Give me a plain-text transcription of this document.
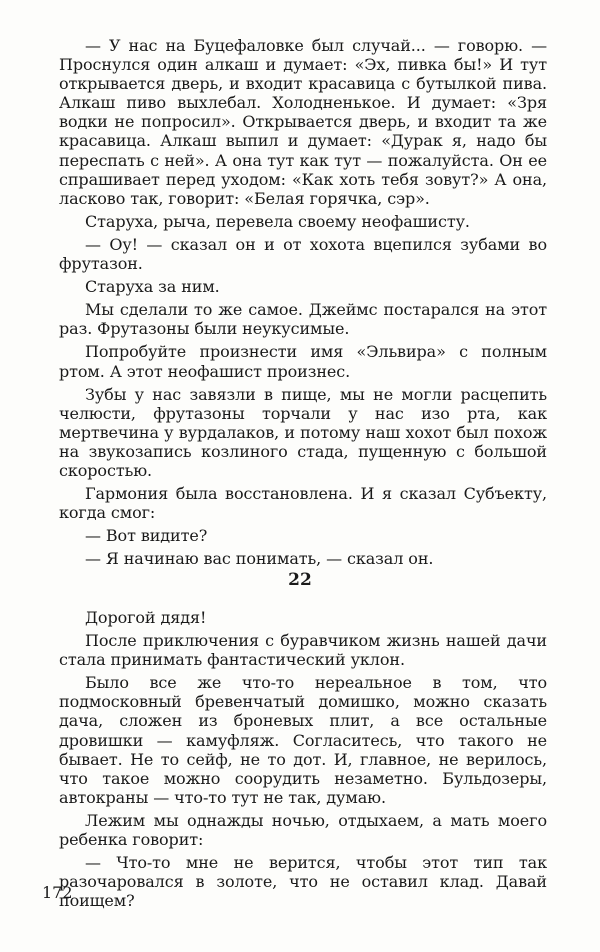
— У нас на Буцефаловке был случай... — говорю. — Проснулся один алкаш и думает: «Эх, пивка бы!» И тут открывается дверь, и входит красавица с бутылкой пива. Алкаш пиво выхлебал. Холодненькое. И думает: «Зря водки не попросил». Открывается дверь, и входит та же красавица. Алкаш выпил и думает: «Дурак я, надо бы переспать с ней». А она тут как тут — пожалуйста. Он ее спрашивает перед уходом: «Как хоть тебя зовут?» А она, ласково так, говорит: «Белая горячка, сэр».

Старуха, рыча, перевела своему неофашисту.

— Оу! — сказал он и от хохота вцепился зубами во фрутазон.

Старуха за ним.

Мы сделали то же самое. Джеймс постарался на этот раз. Фрутазоны были неукусимые.

Попробуйте произнести имя «Эльвира» с полным ртом. А этот неофашист произнес.

Зубы у нас завязли в пище, мы не могли расцепить челюсти, фрутазоны торчали у нас изо рта, как мертвечина у вурдалаков, и потому наш хохот был похож на звукозапись козлиного стада, пущенную с большой скоростью.

Гармония была восстановлена. И я сказал Субъекту, когда смог:

— Вот видите?

— Я начинаю вас понимать, — сказал он.

22

Дорогой дядя!

После приключения с буравчиком жизнь нашей дачи стала принимать фантастический уклон.

Было все же что-то нереальное в том, что подмосковный бревенчатый домишко, можно сказать дача, сложен из броневых плит, а все остальные дровишки — камуфляж. Согласитесь, что такого не бывает. Не то сейф, не то дот. И, главное, не верилось, что такое можно соорудить незаметно. Бульдозеры, автокраны — что-то тут не так, думаю.

Лежим мы однажды ночью, отдыхаем, а мать моего ребенка говорит:

— Что-то мне не верится, чтобы этот тип так разочаровался в золоте, что не оставил клад. Давай поищем?

172
